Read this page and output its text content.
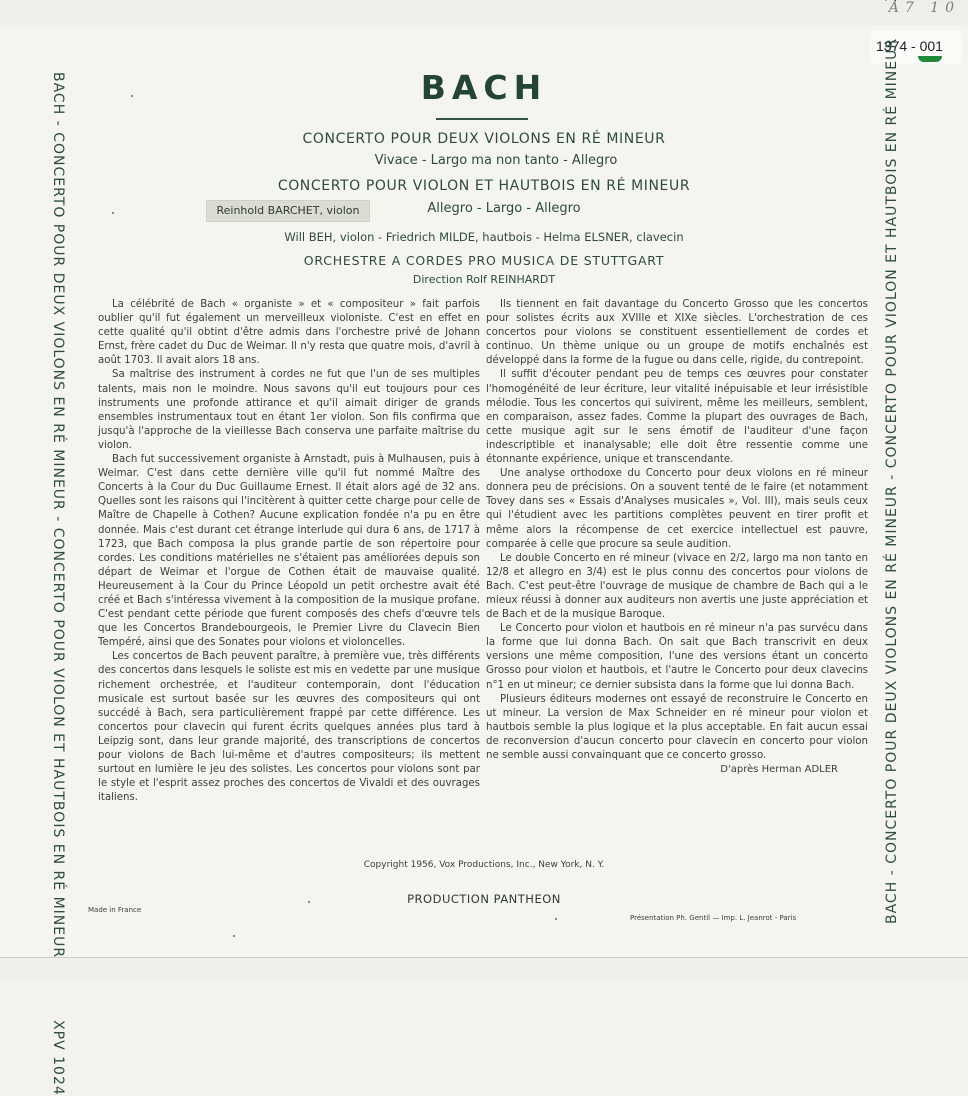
A7 10
1374 - 001
BACH - CONCERTO POUR DEUX VIOLONS EN RÉ MINEUR - CONCERTO POUR VIOLON ET HAUTBOIS EN RÉ MINEURXPV 1024
BACH - CONCERTO POUR DEUX VIOLONS EN RÉ MINEUR - CONCERTO POUR VIOLON ET HAUTBOIS EN RÉ MINEUR
BACH
CONCERTO POUR DEUX VIOLONS EN RÉ MINEUR
Vivace - Largo ma non tanto - Allegro
CONCERTO POUR VIOLON ET HAUTBOIS EN RÉ MINEUR
Reinhold BARCHET, violon	Allegro - Largo - Allegro
Will BEH, violon - Friedrich MILDE, hautbois - Helma ELSNER, clavecin
ORCHESTRE A CORDES PRO MUSICA DE STUTTGART
Direction Rolf REINHARDT

La célébrité de Bach « organiste » et « compositeur » fait parfois oublier qu'il fut également un merveilleux violoniste. C'est en effet en cette qualité qu'il obtint d'être admis dans l'orchestre privé de Johann Ernst, frère cadet du Duc de Weimar. Il n'y resta que quatre mois, d'avril à août 1703. Il avait alors 18 ans.

Sa maîtrise des instrument à cordes ne fut que l'un de ses multiples talents, mais non le moindre. Nous savons qu'il eut toujours pour ces instruments une profonde attirance et qu'il aimait diriger de grands ensembles instrumentaux tout en étant 1er violon. Son fils confirma que jusqu'à l'approche de la vieillesse Bach conserva une parfaite maîtrise du violon.

Bach fut successivement organiste à Arnstadt, puis à Mulhausen, puis à Weimar. C'est dans cette dernière ville qu'il fut nommé Maître des Concerts à la Cour du Duc Guillaume Ernest. Il était alors agé de 32 ans. Quelles sont les raisons qui l'incitèrent à quitter cette charge pour celle de Maître de Chapelle à Cothen? Aucune explication fondée n'a pu en être donnée. Mais c'est durant cet étrange interlude qui dura 6 ans, de 1717 à 1723, que Bach composa la plus grande partie de son répertoire pour cordes. Les conditions matérielles ne s'étaient pas améliorées depuis son départ de Weimar et l'orgue de Cothen était de mauvaise qualité. Heureusement à la Cour du Prince Léopold un petit orchestre avait été créé et Bach s'intéressa vivement à la composition de la musique profane. C'est pendant cette période que furent composés des chefs d'œuvre tels que les Concertos Brandebourgeois, le Premier Livre du Clavecin Bien Tempéré, ainsi que des Sonates pour violons et violoncelles.

Les concertos de Bach peuvent paraître, à première vue, très différents des concertos dans lesquels le soliste est mis en vedette par une musique richement orchestrée, et l'auditeur contemporain, dont l'éducation musicale est surtout basée sur les œuvres des compositeurs qui ont succédé à Bach, sera particulièrement frappé par cette différence. Les concertos pour clavecin qui furent écrits quelques années plus tard à Leipzig sont, dans leur grande majorité, des transcriptions de concertos pour violons de Bach lui-même et d'autres compositeurs; ils mettent surtout en lumière le jeu des solistes. Les concertos pour violons sont par le style et l'esprit assez proches des concertos de Vivaldi et des ouvrages italiens.

Ils tiennent en fait davantage du Concerto Grosso que les concertos pour solistes écrits aux XVIIIe et XIXe siècles. L'orchestration de ces concertos pour violons se constituent essentiellement de cordes et continuo. Un thème unique ou un groupe de motifs enchaînés est développé dans la forme de la fugue ou dans celle, rigide, du contrepoint.

Il suffit d'écouter pendant peu de temps ces œuvres pour constater l'homogénéité de leur écriture, leur vitalité inépuisable et leur irrésistible mélodie. Tous les concertos qui suivirent, même les meilleurs, semblent, en comparaison, assez fades. Comme la plupart des ouvrages de Bach, cette musique agit sur le sens émotif de l'auditeur d'une façon indescriptible et inanalysable; elle doit être ressentie comme une étonnante expérience, unique et transcendante.

Une analyse orthodoxe du Concerto pour deux violons en ré mineur donnera peu de précisions. On a souvent tenté de le faire (et notamment Tovey dans ses « Essais d'Analyses musicales », Vol. III), mais seuls ceux qui l'étudient avec les partitions complètes peuvent en tirer profit et même alors la récompense de cet exercice intellectuel est pauvre, comparée à celle que procure sa seule audition.

Le double Concerto en ré mineur (vivace en 2/2, largo ma non tanto en 12/8 et allegro en 3/4) est le plus connu des concertos pour violons de Bach. C'est peut-être l'ouvrage de musique de chambre de Bach qui a le mieux réussi à donner aux auditeurs non avertis une juste appréciation et de Bach et de la musique Baroque.

Le Concerto pour violon et hautbois en ré mineur n'a pas survécu dans la forme que lui donna Bach. On sait que Bach transcrivit en deux versions une même composition, l'une des versions étant un concerto Grosso pour violon et hautbois, et l'autre le Concerto pour deux clavecins n°1 en ut mineur; ce dernier subsista dans la forme que lui donna Bach.

Plusieurs éditeurs modernes ont essayé de reconstruire le Concerto en ut mineur. La version de Max Schneider en ré mineur pour violon et hautbois semble la plus logique et la plus acceptable. En fait aucun essai de reconversion d'aucun concerto pour clavecin en concerto pour violon ne semble aussi convainquant que ce concerto grosso.

D'après Herman ADLER
Copyright 1956, Vox Productions, Inc., New York, N. Y.
PRODUCTION PANTHEON
Made in France
Présentation Ph. Gentil — Imp. L. Jeanrot - Paris
